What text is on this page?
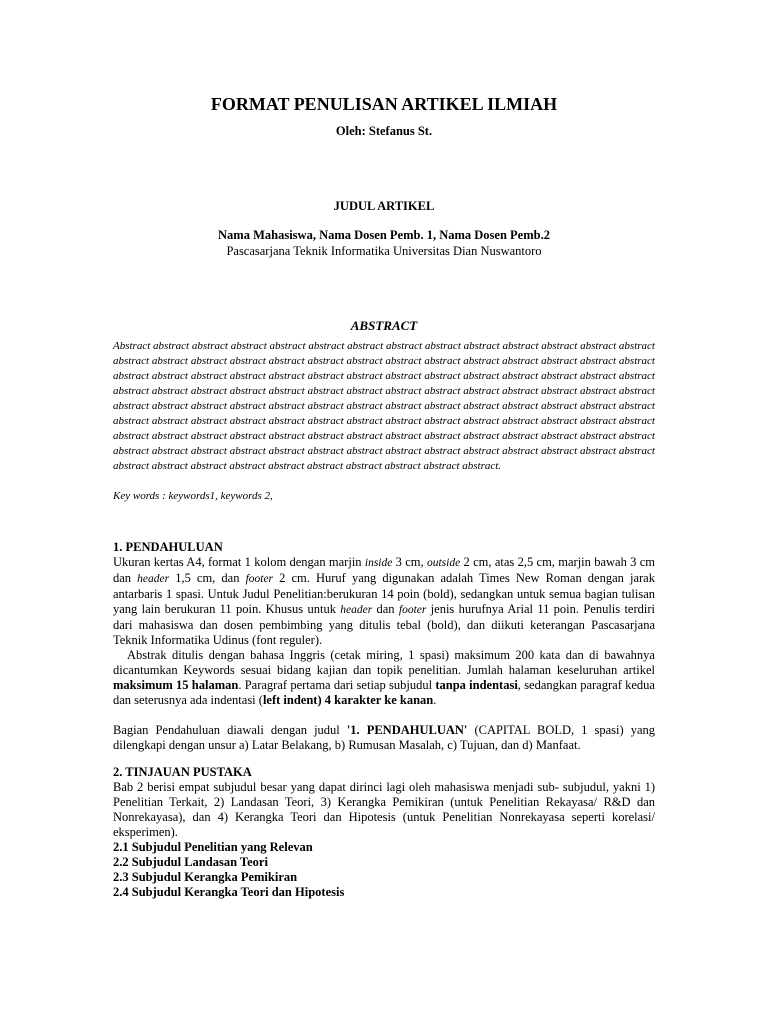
FORMAT PENULISAN ARTIKEL ILMIAH
Oleh: Stefanus St.
JUDUL ARTIKEL
Nama Mahasiswa, Nama Dosen Pemb. 1, Nama Dosen Pemb.2
Pascasarjana Teknik Informatika Universitas Dian Nuswantoro
ABSTRACT
Abstract abstract abstract abstract abstract abstract abstract abstract abstract abstract abstract abstract abstract abstract abstract abstract abstract abstract abstract abstract abstract abstract abstract abstract abstract abstract abstract abstract abstract abstract abstract abstract abstract abstract abstract abstract abstract abstract abstract abstract abstract abstract abstract abstract abstract abstract abstract abstract abstract abstract abstract abstract abstract abstract abstract abstract abstract abstract abstract abstract abstract abstract abstract abstract abstract abstract abstract abstract abstract abstract abstract abstract abstract abstract abstract abstract abstract abstract abstract abstract abstract abstract abstract abstract abstract abstract abstract abstract abstract abstract abstract abstract abstract abstract abstract abstract abstract abstract abstract abstract abstract abstract abstract abstract abstract abstract abstract abstract abstract abstract abstract abstract abstract abstract abstract abstract abstract abstract abstract abstract abstract abstract.
Key words : keywords1, keywords 2,
1. PENDAHULUAN

Ukuran kertas A4, format 1 kolom dengan marjin inside 3 cm, outside 2 cm, atas 2,5 cm, marjin bawah 3 cm dan header 1,5 cm, dan footer 2 cm. Huruf yang digunakan adalah Times New Roman dengan jarak antarbaris 1 spasi. Untuk Judul Penelitian:berukuran 14 poin (bold), sedangkan untuk semua bagian tulisan yang lain berukuran 11 poin. Khusus untuk header dan footer jenis hurufnya Arial 11 poin. Penulis terdiri dari mahasiswa dan dosen pembimbing yang ditulis tebal (bold), dan diikuti keterangan Pascasarjana Teknik Informatika Udinus (font reguler).

Abstrak ditulis dengan bahasa Inggris (cetak miring, 1 spasi) maksimum 200 kata dan di bawahnya dicantumkan Keywords sesuai bidang kajian dan topik penelitian. Jumlah halaman keseluruhan artikel maksimum 15 halaman. Paragraf pertama dari setiap subjudul tanpa indentasi, sedangkan paragraf kedua dan seterusnya ada indentasi (left indent) 4 karakter ke kanan.

Bagian Pendahuluan diawali dengan judul '1. PENDAHULUAN' (CAPITAL BOLD, 1 spasi) yang dilengkapi dengan unsur a) Latar Belakang, b) Rumusan Masalah, c) Tujuan, dan d) Manfaat.

2. TINJAUAN PUSTAKA

Bab 2 berisi empat subjudul besar yang dapat dirinci lagi oleh mahasiswa menjadi sub- subjudul, yakni 1) Penelitian Terkait, 2) Landasan Teori, 3) Kerangka Pemikiran (untuk Penelitian Rekayasa/ R&D dan Nonrekayasa), dan 4) Kerangka Teori dan Hipotesis (untuk Penelitian Nonrekayasa seperti korelasi/ eksperimen).

2.1 Subjudul Penelitian yang Relevan
2.2 Subjudul Landasan Teori
2.3 Subjudul Kerangka Pemikiran
2.4 Subjudul Kerangka Teori dan Hipotesis
